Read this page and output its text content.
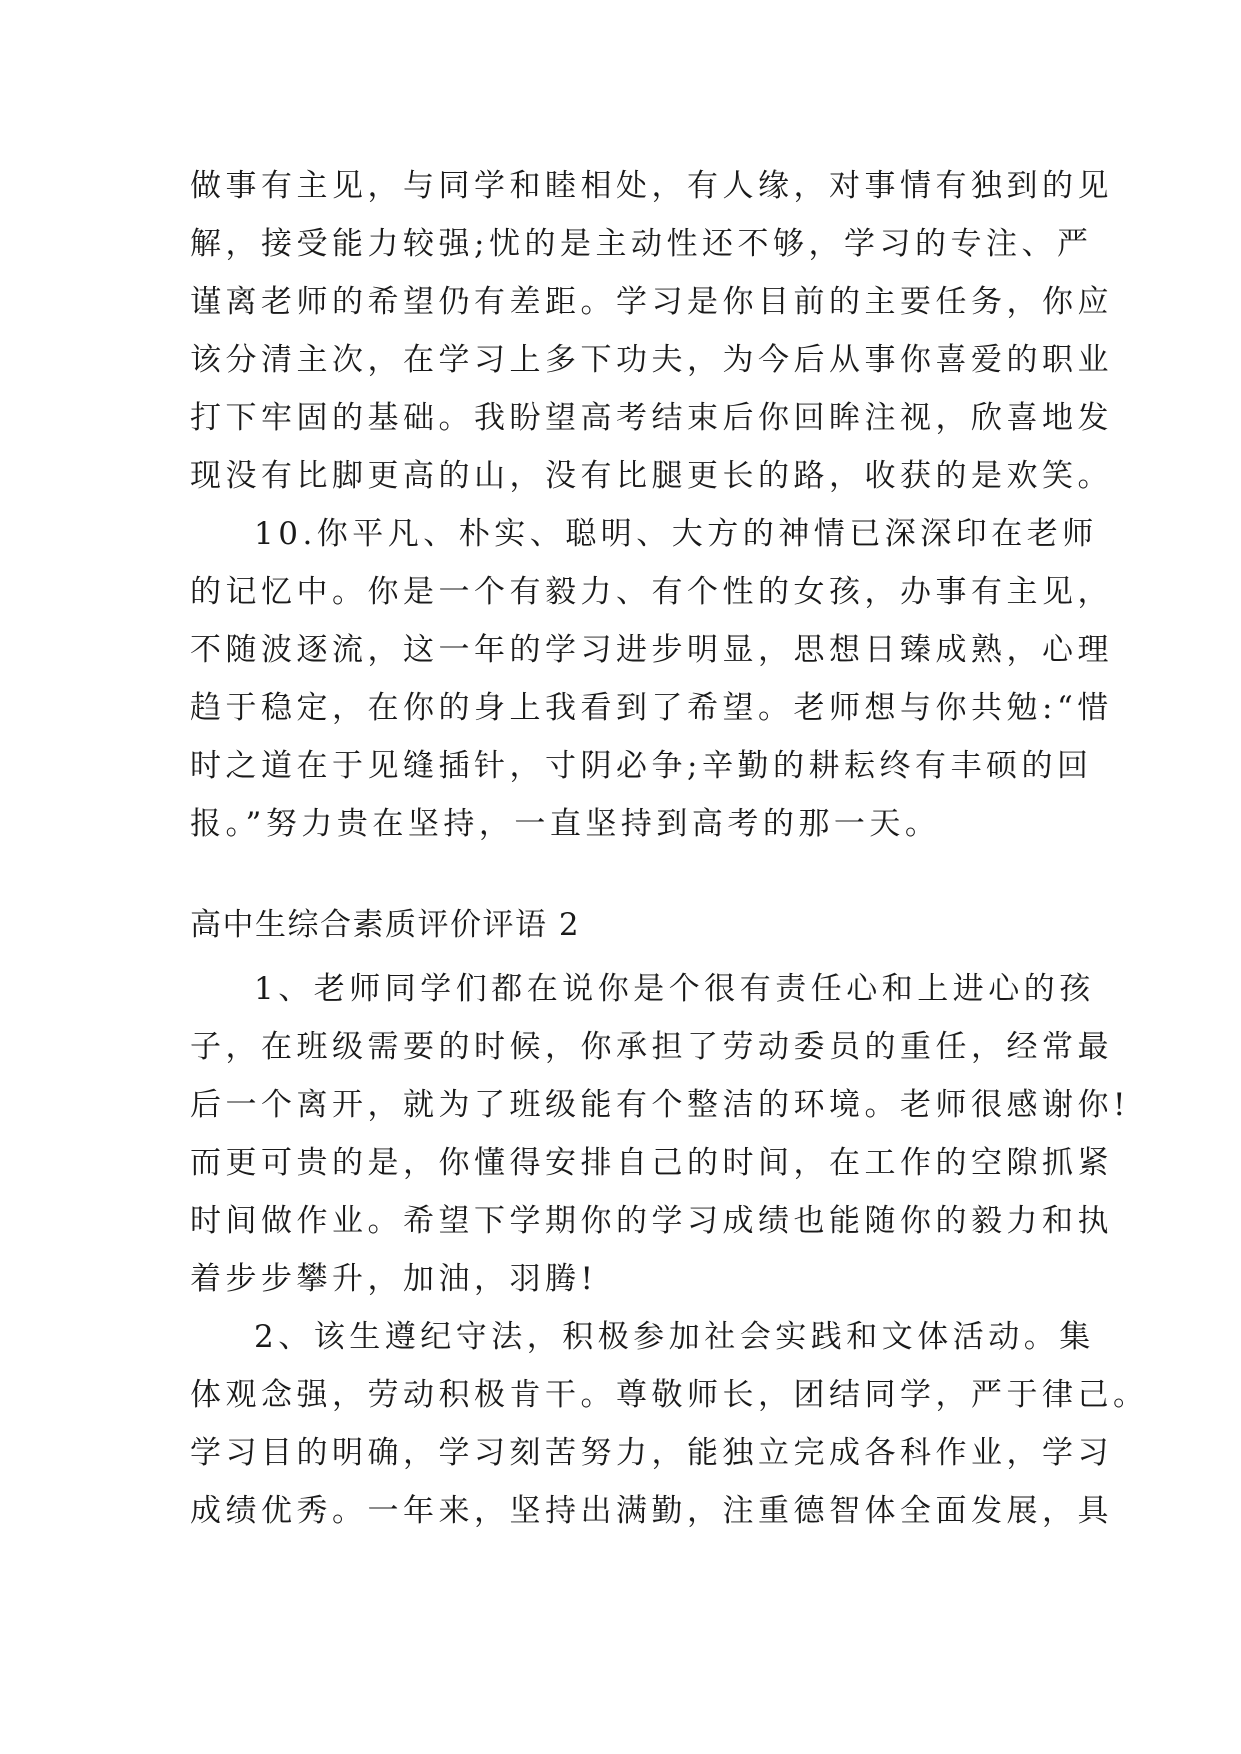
做事有主见，与同学和睦相处，有人缘，对事情有独到的见
解，接受能力较强;忧的是主动性还不够，学习的专注、严
谨离老师的希望仍有差距。学习是你目前的主要任务，你应
该分清主次，在学习上多下功夫，为今后从事你喜爱的职业
打下牢固的基础。我盼望高考结束后你回眸注视，欣喜地发
现没有比脚更高的山，没有比腿更长的路，收获的是欢笑。
10.你平凡、朴实、聪明、大方的神情已深深印在老师
的记忆中。你是一个有毅力、有个性的女孩，办事有主见，
不随波逐流，这一年的学习进步明显，思想日臻成熟，心理
趋于稳定，在你的身上我看到了希望。老师想与你共勉:“惜
时之道在于见缝插针，寸阴必争;辛勤的耕耘终有丰硕的回
报。”努力贵在坚持，一直坚持到高考的那一天。
高中生综合素质评价评语 2
1、老师同学们都在说你是个很有责任心和上进心的孩
子，在班级需要的时候，你承担了劳动委员的重任，经常最
后一个离开，就为了班级能有个整洁的环境。老师很感谢你!
而更可贵的是，你懂得安排自己的时间，在工作的空隙抓紧
时间做作业。希望下学期你的学习成绩也能随你的毅力和执
着步步攀升，加油，羽腾!
2、该生遵纪守法，积极参加社会实践和文体活动。集
体观念强，劳动积极肯干。尊敬师长，团结同学，严于律己。
学习目的明确，学习刻苦努力，能独立完成各科作业，学习
成绩优秀。一年来，坚持出满勤，注重德智体全面发展，具
